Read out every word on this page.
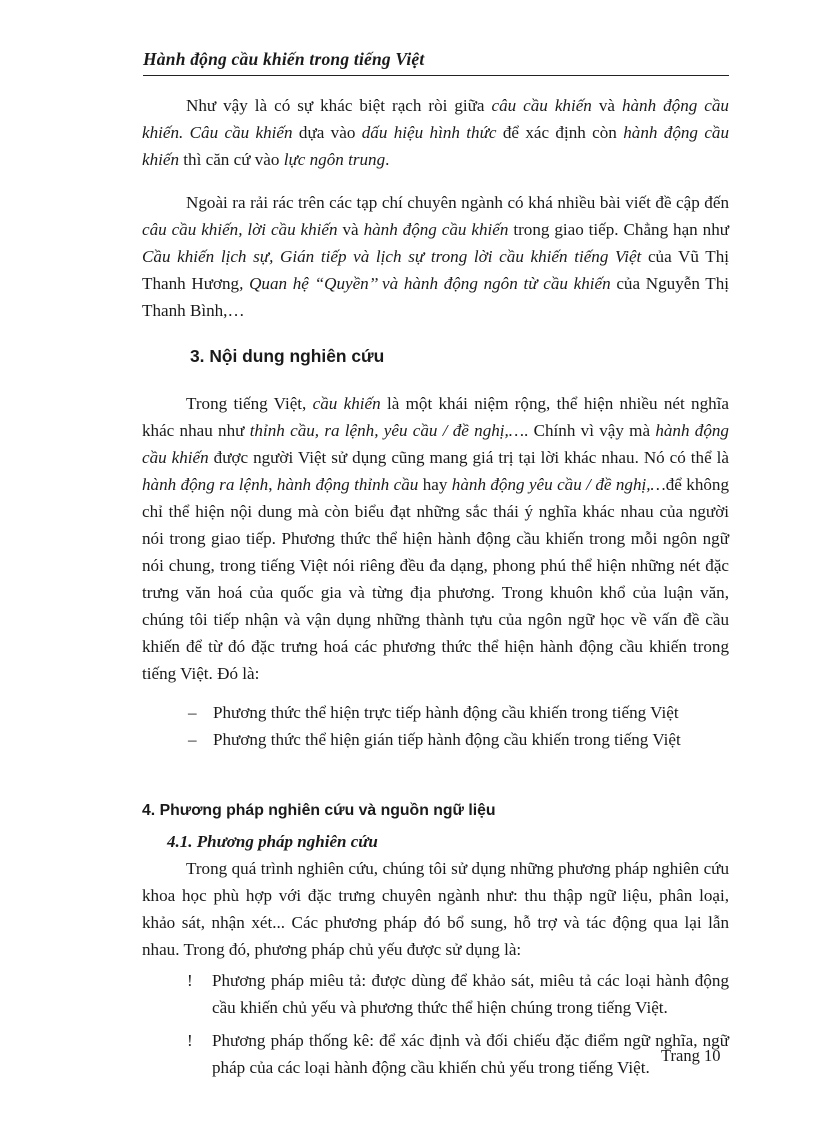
Hành động cầu khiến trong tiếng Việt

Như vậy là có sự khác biệt rạch ròi giữa câu cầu khiến và hành động cầu khiến. Câu cầu khiến dựa vào dấu hiệu hình thức để xác định còn hành động cầu khiến thì căn cứ vào lực ngôn trung.

Ngoài ra rải rác trên các tạp chí chuyên ngành có khá nhiều bài viết đề cập đến câu cầu khiến, lời cầu khiến và hành động cầu khiến trong giao tiếp. Chẳng hạn như Cầu khiến lịch sự, Gián tiếp và lịch sự trong lời cầu khiến tiếng Việt của Vũ Thị Thanh Hương, Quan hệ “Quyền’’ và hành động ngôn từ cầu khiến của Nguyễn Thị Thanh Bình,…

3. Nội dung nghiên cứu

Trong tiếng Việt, cầu khiến là một khái niệm rộng, thể hiện nhiều nét nghĩa khác nhau như thỉnh cầu, ra lệnh, yêu cầu / đề nghị,…. Chính vì vậy mà hành động cầu khiến được người Việt sử dụng cũng mang giá trị tại lời khác nhau. Nó có thể là hành động ra lệnh, hành động thỉnh cầu hay hành động yêu cầu / đề nghị,…để không chỉ thể hiện nội dung mà còn biểu đạt những sắc thái ý nghĩa khác nhau của người nói trong giao tiếp. Phương thức thể hiện hành động cầu khiến trong mỗi ngôn ngữ nói chung, trong tiếng Việt nói riêng đều đa dạng, phong phú thể hiện những nét đặc trưng văn hoá của quốc gia và từng địa phương. Trong khuôn khổ của luận văn, chúng tôi tiếp nhận và vận dụng những thành tựu của ngôn ngữ học về vấn đề cầu khiến để từ đó đặc trưng hoá các phương thức thể hiện hành động cầu khiến trong tiếng Việt. Đó là:

– Phương thức thể hiện trực tiếp hành động cầu khiến trong tiếng Việt
– Phương thức thể hiện gián tiếp hành động cầu khiến trong tiếng Việt
4. Phương pháp nghiên cứu và nguồn ngữ liệu
4.1. Phương pháp nghiên cứu

Trong quá trình nghiên cứu, chúng tôi sử dụng những phương pháp nghiên cứu khoa học phù hợp với đặc trưng chuyên ngành như: thu thập ngữ liệu, phân loại, khảo sát, nhận xét... Các phương pháp đó bổ sung, hỗ trợ và tác động qua lại lẫn nhau. Trong đó, phương pháp chủ yếu được sử dụng là:

! Phương pháp miêu tả: được dùng để khảo sát, miêu tả các loại hành động cầu khiến chủ yếu và phương thức thể hiện chúng trong tiếng Việt.
! Phương pháp thống kê: để xác định và đối chiếu đặc điểm ngữ nghĩa, ngữ pháp của các loại hành động cầu khiến chủ yếu trong tiếng Việt.
Trang 10
